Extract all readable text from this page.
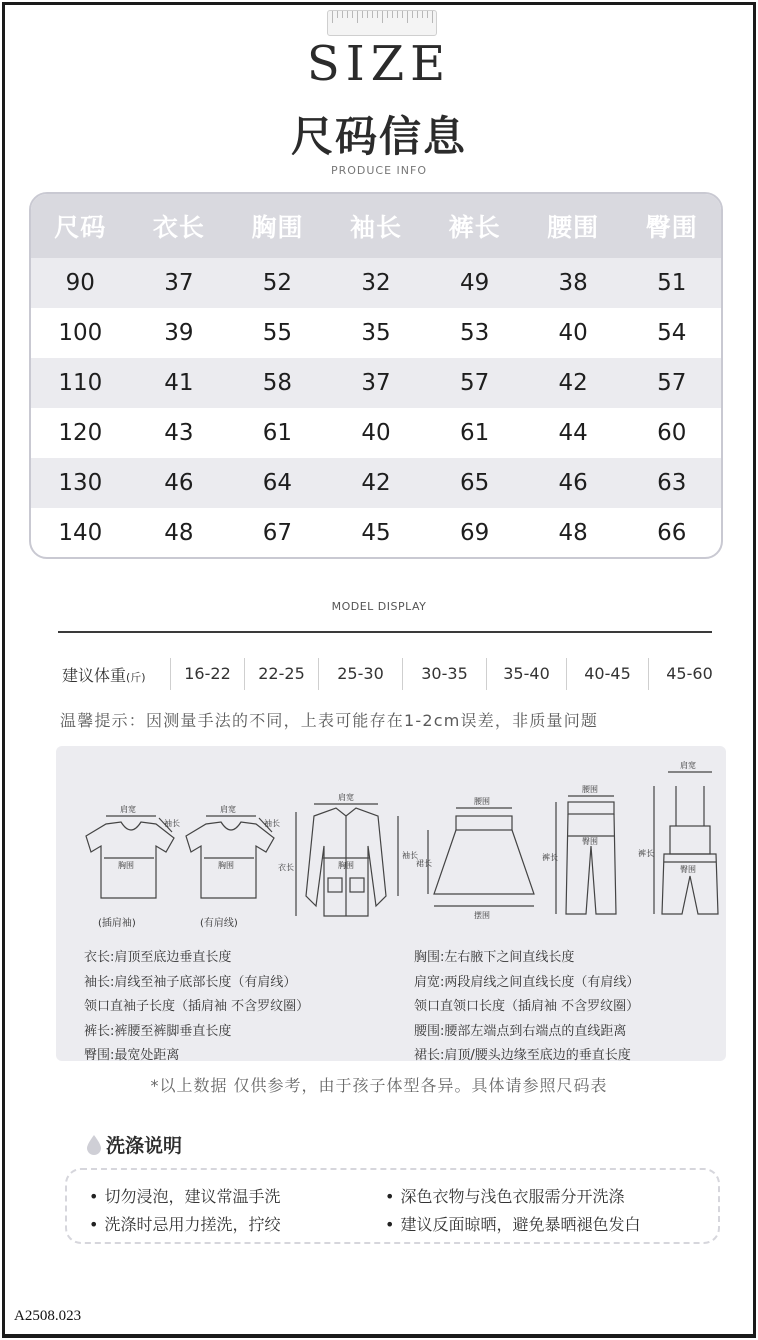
SIZE
尺码信息
PRODUCE INFO
尺码	衣长	胸围	袖长	裤长	腰围	臀围
90	37	52	32	49	38	51
100	39	55	35	53	40	54
110	41	58	37	57	42	57
120	43	61	40	61	44	60
130	46	64	42	65	46	63
140	48	67	45	69	48	66
MODEL DISPLAY
建议体重(斤)	16-22	22-25	25-30	30-35	35-40	40-45	45-60
温馨提示：因测量手法的不同，上表可能存在1-2cm误差，非质量问题
肩宽
袖长
胸围
(插肩袖)
肩宽
袖长
胸围
(有肩线)
肩宽
胸围
衣长
袖长
腰围
裙长
摆围
腰围
臀围
裤长
肩宽
臀围
裤长
衣长:肩顶至底边垂直长度
袖长:肩线至袖子底部长度（有肩线）
领口直袖子长度（插肩袖 不含罗纹圈）
裤长:裤腰至裤脚垂直长度
臀围:最宽处距离
胸围:左右腋下之间直线长度
肩宽:两段肩线之间直线长度（有肩线）
领口直领口长度（插肩袖 不含罗纹圈）
腰围:腰部左端点到右端点的直线距离
裙长:肩顶/腰头边缘至底边的垂直长度
*以上数据 仅供参考，由于孩子体型各异。具体请参照尺码表
洗涤说明
• 切勿浸泡，建议常温手洗	• 深色衣物与浅色衣服需分开洗涤
• 洗涤时忌用力搓洗，拧绞	• 建议反面晾晒，避免暴晒褪色发白
A2508.023
